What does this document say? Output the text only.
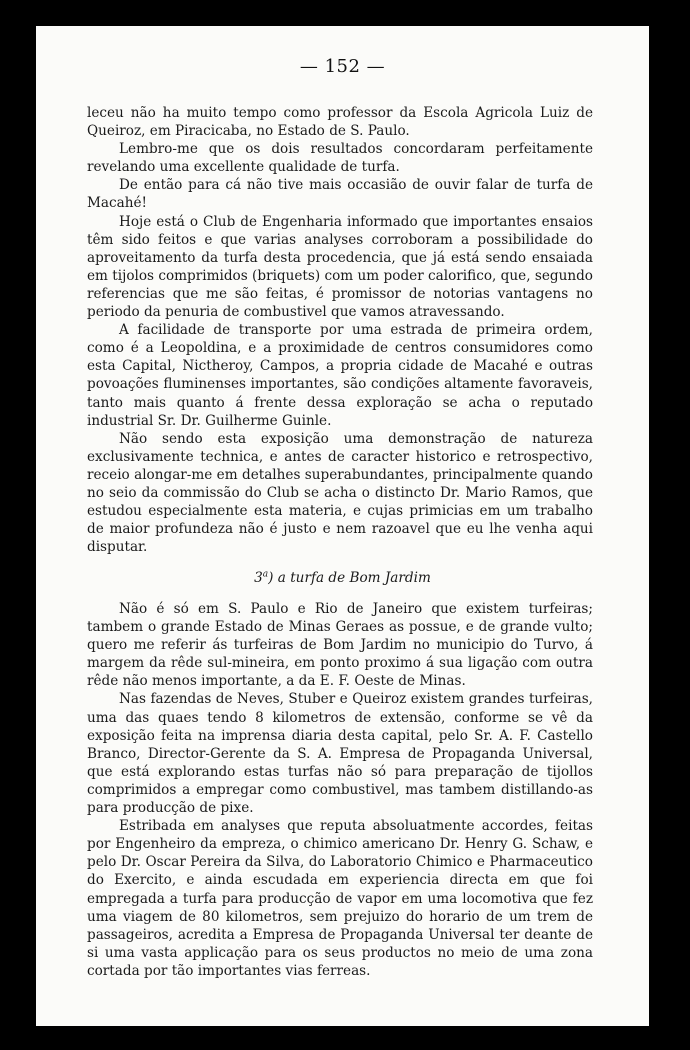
— 152 —

leceu não ha muito tempo como professor da Escola Agricola Luiz de Queiroz, em Piracicaba, no Estado de S. Paulo.

Lembro-me que os dois resultados concordaram perfeitamente revelando uma excellente qualidade de turfa.

De então para cá não tive mais occasião de ouvir falar de turfa de Macahé!

Hoje está o Club de Engenharia informado que importantes ensaios têm sido feitos e que varias analyses corroboram a possibilidade do aproveitamento da turfa desta procedencia, que já está sendo ensaiada em tijolos comprimidos (briquets) com um poder calorifico, que, segundo referencias que me são feitas, é promissor de notorias vantagens no periodo da penuria de combustivel que vamos atravessando.

A facilidade de transporte por uma estrada de primeira ordem, como é a Leopoldina, e a proximidade de centros consumidores como esta Capital, Nictheroy, Campos, a propria cidade de Macahé e outras povoações fluminenses importantes, são condições altamente favoraveis, tanto mais quanto á frente dessa exploração se acha o reputado industrial Sr. Dr. Guilherme Guinle.

Não sendo esta exposição uma demonstração de natureza exclusivamente technica, e antes de caracter historico e retrospectivo, receio alongar-me em detalhes superabundantes, principalmente quando no seio da commissão do Club se acha o distincto Dr. Mario Ramos, que estudou especialmente esta materia, e cujas primicias em um trabalho de maior profundeza não é justo e nem razoavel que eu lhe venha aqui disputar.

3$^a$) a turfa de Bom Jardim

Não é só em S. Paulo e Rio de Janeiro que existem turfeiras; tambem o grande Estado de Minas Geraes as possue, e de grande vulto; quero me referir ás turfeiras de Bom Jardim no municipio do Turvo, á margem da rêde sul-mineira, em ponto proximo á sua ligação com outra rêde não menos importante, a da E. F. Oeste de Minas.

Nas fazendas de Neves, Stuber e Queiroz existem grandes turfeiras, uma das quaes tendo 8 kilometros de extensão, conforme se vê da exposição feita na imprensa diaria desta capital, pelo Sr. A. F. Castello Branco, Director-Gerente da S. A. Empresa de Propaganda Universal, que está explorando estas turfas não só para preparação de tijollos comprimidos a empregar como combustivel, mas tambem distillando-as para producção de pixe.

Estribada em analyses que reputa absoluatmente accordes, feitas por Engenheiro da empreza, o chimico americano Dr. Henry G. Schaw, e pelo Dr. Oscar Pereira da Silva, do Laboratorio Chimico e Pharmaceutico do Exercito, e ainda escudada em experiencia directa em que foi empregada a turfa para producção de vapor em uma locomotiva que fez uma viagem de 80 kilometros, sem prejuizo do horario de um trem de passageiros, acredita a Empresa de Propaganda Universal ter deante de si uma vasta applicação para os seus productos no meio de uma zona cortada por tão importantes vias ferreas.
